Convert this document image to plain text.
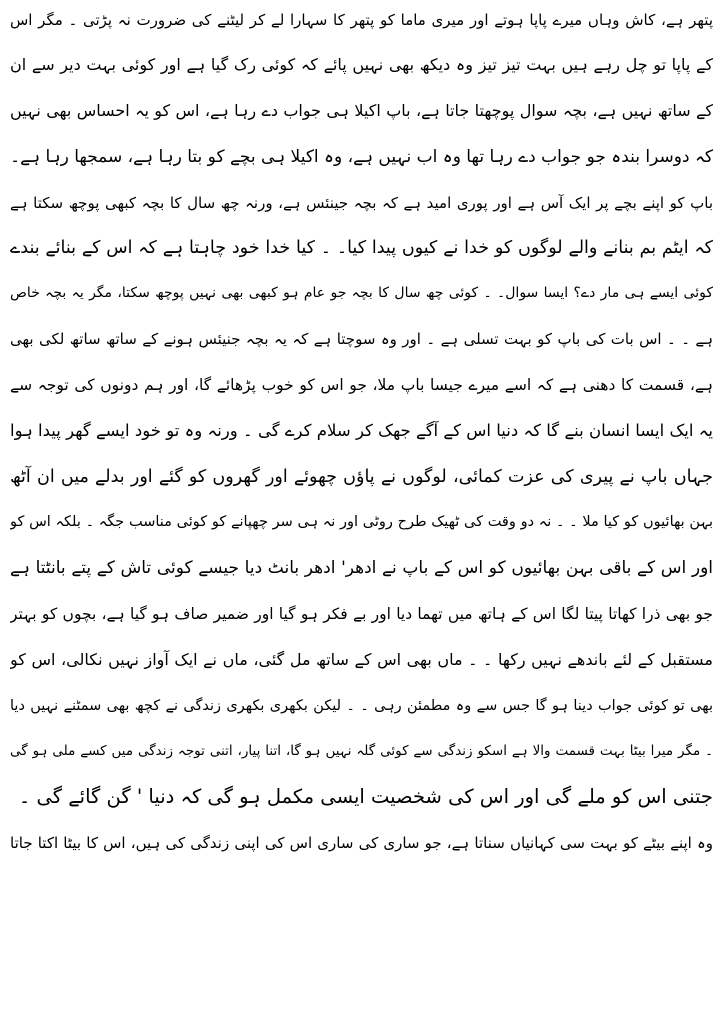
پتھر ہے، کاش وہاں میرے پاپا ہوتے اور میری ماما کو پتھر کا سہارا لے کر لیٹنے کی ضرورت نہ پڑتی ۔ مگر اس
کے پاپا تو چل رہے ہیں بہت تیز تیز وہ دیکھ بھی نہیں پائے کہ کوئی رک گیا ہے اور کوئی بہت دیر سے ان
کے ساتھ نہیں ہے، بچہ سوال پوچھتا جاتا ہے، باپ اکیلا ہی جواب دے رہا ہے، اس کو یہ احساس بھی نہیں
کہ دوسرا بندہ جو جواب دے رہا تھا وہ اب نہیں ہے، وہ اکیلا ہی بچے کو بتا رہا ہے، سمجھا رہا ہے۔
باپ کو اپنے بچے پر ایک آس ہے اور پوری امید ہے کہ بچہ جینئس ہے، ورنہ چھ سال کا بچہ کبھی پوچھ سکتا ہے
کہ ایٹم بم بنانے والے لوگوں کو خدا نے کیوں پیدا کیا۔ ۔ کیا خدا خود چاہتا ہے کہ اس کے بنائے بندے
کوئی ایسے ہی مار دے؟ ایسا سوال۔ ۔ کوئی چھ سال کا بچہ جو عام ہو کبھی بھی نہیں پوچھ سکتا، مگر یہ بچہ خاص
ہے ۔ ۔ اس بات کی باپ کو بہت تسلی ہے ۔ اور وہ سوچتا ہے کہ یہ بچہ جنیئس ہونے کے ساتھ ساتھ لکی بھی
ہے، قسمت کا دھنی ہے کہ اسے میرے جیسا باپ ملا، جو اس کو خوب پڑھائے گا، اور ہم دونوں کی توجہ سے
یہ ایک ایسا انسان بنے گا کہ دنیا اس کے آگے جھک کر سلام کرے گی ۔ ورنہ وہ تو خود ایسے گھر پیدا ہوا
جہاں باپ نے پیری کی عزت کمائی، لوگوں نے پاؤں چھوئے اور گھروں کو گئے اور بدلے میں ان آٹھ
بہن بھائیوں کو کیا ملا ۔ ۔ نہ دو وقت کی ٹھیک طرح روٹی اور نہ ہی سر چھپانے کو کوئی مناسب جگہ ۔ بلکہ اس کو
اور اس کے باقی بہن بھائیوں کو اس کے باپ نے ادھر' ادھر بانٹ دیا جیسے کوئی تاش کے پتے بانٹتا ہے
جو بھی ذرا کھاتا پیتا لگا اس کے ہاتھ میں تھما دیا اور بے فکر ہو گیا اور ضمیر صاف ہو گیا ہے، بچوں کو بہتر
مستقبل کے لئے باندھے نہیں رکھا ۔ ۔ ماں بھی اس کے ساتھ مل گئی، ماں نے ایک آواز نہیں نکالی، اس کو
بھی تو کوئی جواب دینا ہو گا جس سے وہ مطمئن رہی ۔ ۔ لیکن بکھری بکھری زندگی نے کچھ بھی سمٹنے نہیں دیا
۔ مگر میرا بیٹا بہت قسمت والا ہے اسکو زندگی سے کوئی گلہ نہیں ہو گا، اتنا پیار، اتنی توجہ زندگی میں کسے ملی ہو گی
جتنی اس کو ملے گی اور اس کی شخصیت ایسی مکمل ہو گی کہ دنیا ' گن گائے گی ۔
وہ اپنے بیٹے کو بہت سی کہانیاں سناتا ہے، جو ساری کی ساری اس کی اپنی زندگی کی ہیں، اس کا بیٹا اکتا جاتا
